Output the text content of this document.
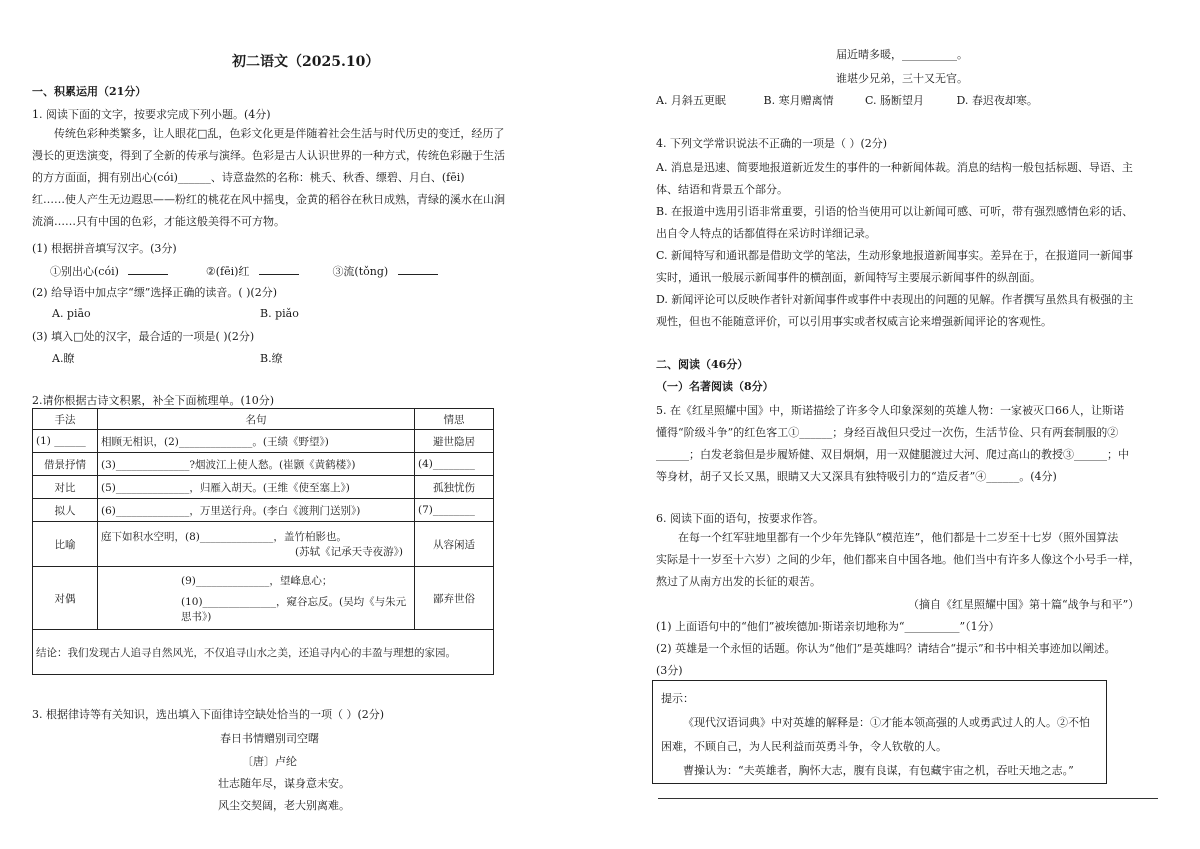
初二语文（2025.10）
一、积累运用（21分）
1. 阅读下面的文字，按要求完成下列小题。(4分)
传统色彩种类繁多，让人眼花□乱，色彩文化更是伴随着社会生活与时代历史的变迁，经历了
漫长的更迭演变，得到了全新的传承与演绎。色彩是古人认识世界的一种方式，传统色彩融于生活
的方方面面，拥有别出心(cói)______、诗意盎然的名称：桃夭、秋香、缥碧、月白、(fēi)
红……使人产生无边遐思——粉红的桃花在风中摇曳，金黄的稻谷在秋日成熟，青绿的溪水在山涧
流淌……只有中国的色彩，才能这般美得不可方物。
(1) 根据拼音填写汉字。(3分)
①别出心(cói)	②(fēi)红	③流(tǒng)
(2) 给导语中加点字“缥”选择正确的读音。( )(2分)
A. piāo	B. piǎo
(3) 填入□处的汉字，最合适的一项是( )(2分)
A.瞭	B.缭
2.请你根据古诗文积累，补全下面梳理单。(10分)
手法	名句	情思
(1) ______	相顾无相识，(2)______________。(王绩《野望》)	避世隐居
借景抒情	(3)______________?烟波江上使人愁。(崔颢《黄鹤楼》)	(4)________
对比	(5)______________，归雁入胡天。(王维《使至塞上》)	孤独忧伤
拟人	(6)______________，万里送行舟。(李白《渡荆门送别》)	(7)________
比喻	庭下如积水空明，(8)______________，盖竹柏影也。
(苏轼《记承天寺夜游》)	从容闲适
对偶	(9)______________，望峰息心；
(10)______________，窥谷忘反。(吴均《与朱元思书》)	鄙弃世俗
结论：我们发现古人追寻自然风光，不仅追寻山水之美，还追寻内心的丰盈与理想的家园。		
3. 根据律诗等有关知识，选出填入下面律诗空缺处恰当的一项（ ）(2分)
春日书情赠别司空曙
〔唐〕卢纶
壮志随年尽，谋身意未安。
风尘交契阔，老大别离难。
届近晴多暖，__________。
谁堪少兄弟，三十又无官。
A. 月斜五更眠	B. 寒月赠离情	C. 肠断望月	D. 春迟夜却寒。
4. 下列文学常识说法不正确的一项是（ ）(2分)
A. 消息是迅速、简要地报道新近发生的事件的一种新闻体裁。消息的结构一般包括标题、导语、主
体、结语和背景五个部分。
B. 在报道中选用引语非常重要，引语的恰当使用可以让新闻可感、可听，带有强烈感情色彩的话、
出自令人特点的话都值得在采访时详细记录。
C. 新闻特写和通讯都是借助文学的笔法，生动形象地报道新闻事实。差异在于，在报道同一新闻事
实时，通讯一般展示新闻事件的横剖面，新闻特写主要展示新闻事件的纵剖面。
D. 新闻评论可以反映作者针对新闻事件或事件中表现出的问题的见解。作者撰写虽然具有极强的主
观性，但也不能随意评价，可以引用事实或者权威言论来增强新闻评论的客观性。
二、阅读（46分）
（一）名著阅读（8分）
5. 在《红星照耀中国》中，斯诺描绘了许多令人印象深刻的英雄人物：一家被灭口66人，让斯诺
懂得“阶级斗争”的红色客工①______；身经百战但只受过一次伤，生活节俭、只有两套制服的②
______；白发老翁但是步履矫健、双目炯炯，用一双健腿渡过大河、爬过高山的教授③______；中
等身材，胡子又长又黑，眼睛又大又深具有独特吸引力的“造反者”④______。(4分)
6. 阅读下面的语句，按要求作答。
在每一个红军驻地里都有一个少年先锋队“模范连”，他们都是十二岁至十七岁（照外国算法
实际是十一岁至十六岁）之间的少年，他们都来自中国各地。他们当中有许多人像这个小号手一样，
熬过了从南方出发的长征的艰苦。
（摘自《红星照耀中国》第十篇“战争与和平”）
(1) 上面语句中的“他们”被埃德加·斯诺亲切地称为“__________”（1分）
(2) 英雄是一个永恒的话题。你认为“他们”是英雄吗？请结合“提示”和书中相关事迹加以阐述。
(3分)
提示：
《现代汉语词典》中对英雄的解释是：①才能本领高强的人或勇武过人的人。②不怕
困难，不顾自己，为人民利益而英勇斗争，令人钦敬的人。
曹操认为：“夫英雄者，胸怀大志，腹有良谋，有包藏宇宙之机，吞吐天地之志。”
